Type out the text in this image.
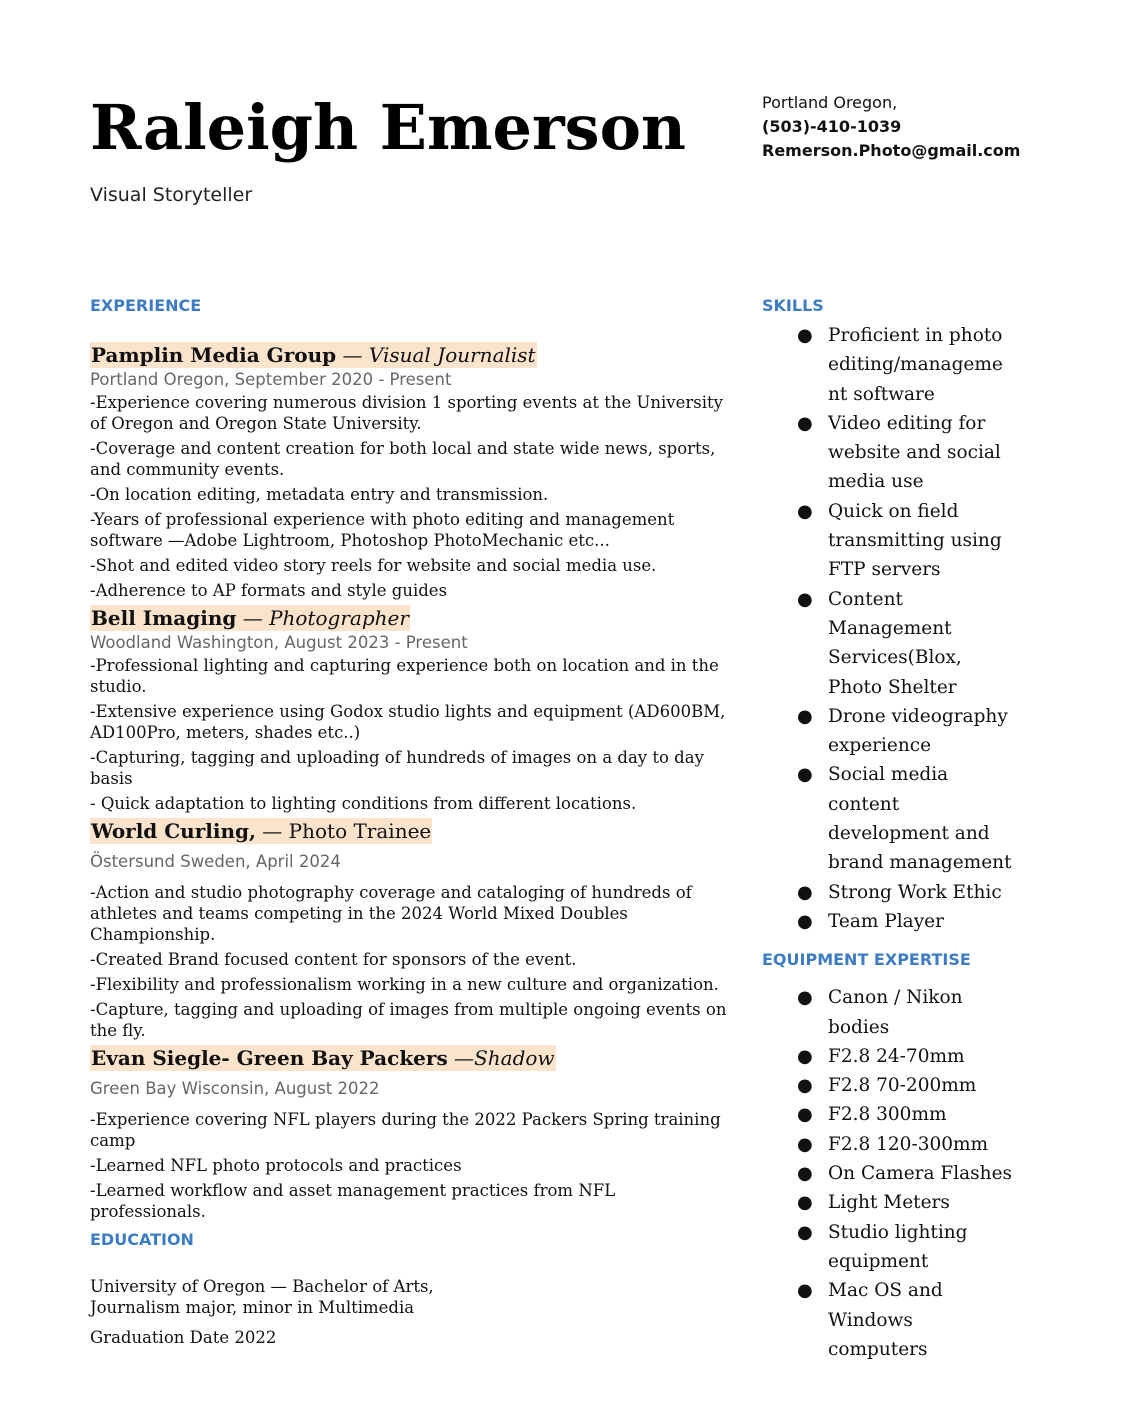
Raleigh Emerson
Visual Storyteller
Portland Oregon,
(503)-410-1039
Remerson.Photo@gmail.com
EXPERIENCE
Pamplin Media Group — Visual Journalist
Portland Oregon, September 2020 - Present
-Experience covering numerous division 1 sporting events at the University of Oregon and Oregon State University.
-Coverage and content creation for both local and state wide news, sports, and community events.
-On location editing, metadata entry and transmission.
-Years of professional experience with photo editing and management software —Adobe Lightroom, Photoshop PhotoMechanic etc...
-Shot and edited video story reels for website and social media use.
-Adherence to AP formats and style guides
Bell Imaging — Photographer
Woodland Washington, August 2023 - Present
-Professional lighting and capturing experience both on location and in the studio.
-Extensive experience using Godox studio lights and equipment (AD600BM, AD100Pro, meters, shades etc..)
-Capturing, tagging and uploading of hundreds of images on a day to day basis
- Quick adaptation to lighting conditions from different locations.
World Curling, — Photo Trainee
Östersund Sweden, April 2024
-Action and studio photography coverage and cataloging of hundreds of athletes and teams competing in the 2024 World Mixed Doubles Championship.
-Created Brand focused content for sponsors of the event.
-Flexibility and professionalism working in a new culture and organization.
-Capture, tagging and uploading of images from multiple ongoing events on the fly.
Evan Siegle- Green Bay Packers —Shadow
Green Bay Wisconsin, August 2022
-Experience covering NFL players during the 2022 Packers Spring training camp
-Learned NFL photo protocols and practices
-Learned workflow and asset management practices from NFL professionals.
EDUCATION
University of Oregon — Bachelor of Arts,
Journalism major, minor in Multimedia
Graduation Date 2022
SKILLS
● Proficient in photo
editing/manageme
nt software
● Video editing for
website and social
media use
● Quick on field
transmitting using
FTP servers
● Content
Management
Services(Blox,
Photo Shelter
● Drone videography
experience
● Social media
content
development and
brand management
● Strong Work Ethic
● Team Player
EQUIPMENT EXPERTISE
● Canon / Nikon
bodies
● F2.8 24-70mm
● F2.8 70-200mm
● F2.8 300mm
● F2.8 120-300mm
● On Camera Flashes
● Light Meters
● Studio lighting
equipment
● Mac OS and
Windows
computers
